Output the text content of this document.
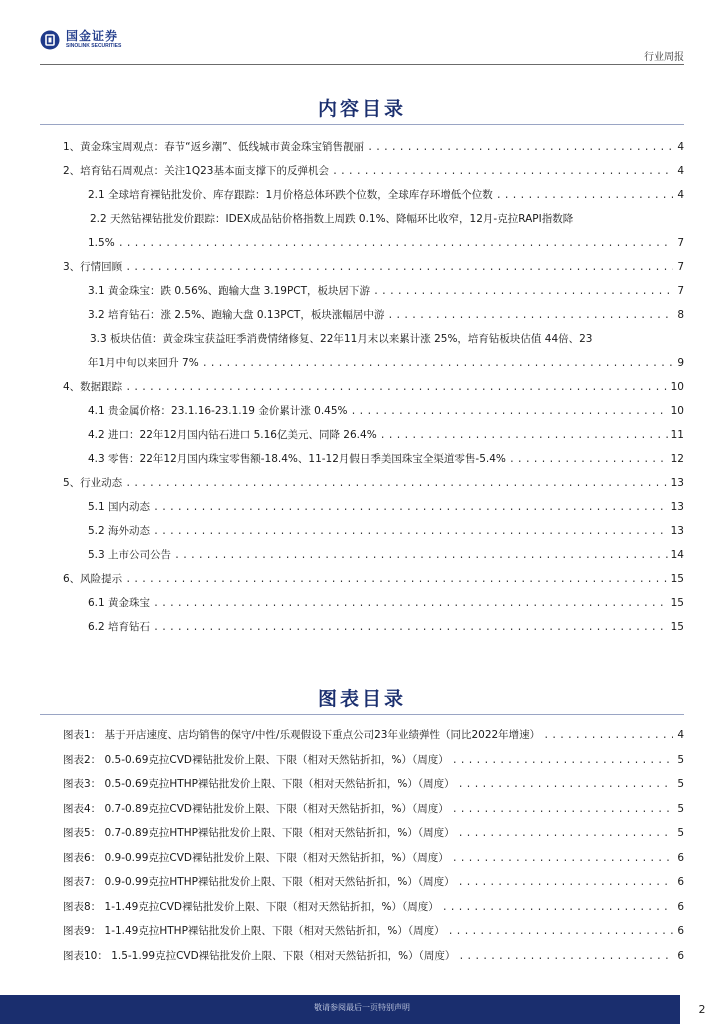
国金证券
SINOLINK SECURITIES
行业周报
内容目录
1、黄金珠宝周观点：春节“返乡潮”、低线城市黄金珠宝销售靓丽 .....	4
2、培育钻石周观点：关注1Q23基本面支撑下的反弹机会 .....	4
2.1 全球培育裸钻批发价、库存跟踪：1月价格总体环跌个位数，全球库存环增低个位数 .....	4
2.2 天然钻裸钻批发价跟踪：IDEX成品钻价格指数上周跌 0.1%、降幅环比收窄，12月-克拉RAPI指数降
1.5% .....	7
3、行情回顾 .....	7
3.1 黄金珠宝：跌 0.56%、跑输大盘 3.19PCT，板块居下游 .....	7
3.2 培育钻石：涨 2.5%、跑输大盘 0.13PCT，板块涨幅居中游 .....	8
3.3 板块估值：黄金珠宝获益旺季消费情绪修复、22年11月末以来累计涨 25%，培育钻板块估值 44倍、23
年1月中旬以来回升 7% .....	9
4、数据跟踪 .....	10
4.1 贵金属价格：23.1.16-23.1.19 金价累计涨 0.45% .....	10
4.2 进口：22年12月国内钻石进口 5.16亿美元、同降 26.4% .....	11
4.3 零售：22年12月国内珠宝零售额-18.4%、11-12月假日季美国珠宝全渠道零售-5.4% .....	12
5、行业动态 .....	13
5.1 国内动态 .....	13
5.2 海外动态 .....	13
5.3 上市公司公告 .....	14
6、风险提示 .....	15
6.1 黄金珠宝 .....	15
6.2 培育钻石 .....	15
图表目录
图表1： 基于开店速度、店均销售的保守/中性/乐观假设下重点公司23年业绩弹性（同比2022年增速） .....	4
图表2： 0.5-0.69克拉CVD裸钻批发价上限、下限（相对天然钻折扣，%）（周度） .....	5
图表3： 0.5-0.69克拉HTHP裸钻批发价上限、下限（相对天然钻折扣，%）（周度） .....	5
图表4： 0.7-0.89克拉CVD裸钻批发价上限、下限（相对天然钻折扣，%）（周度） .....	5
图表5： 0.7-0.89克拉HTHP裸钻批发价上限、下限（相对天然钻折扣，%）（周度） .....	5
图表6： 0.9-0.99克拉CVD裸钻批发价上限、下限（相对天然钻折扣，%）（周度） .....	6
图表7： 0.9-0.99克拉HTHP裸钻批发价上限、下限（相对天然钻折扣，%）（周度） .....	6
图表8： 1-1.49克拉CVD裸钻批发价上限、下限（相对天然钻折扣，%）（周度） .....	6
图表9： 1-1.49克拉HTHP裸钻批发价上限、下限（相对天然钻折扣，%）（周度） .....	6
图表10： 1.5-1.99克拉CVD裸钻批发价上限、下限（相对天然钻折扣，%）（周度） .....	6
敬请参阅最后一页特别声明	2
